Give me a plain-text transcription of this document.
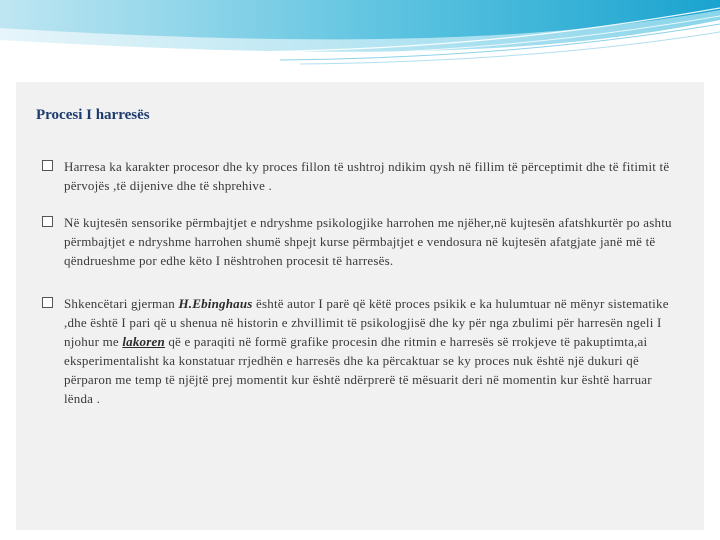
Procesi I harresës
Harresa ka karakter procesor dhe ky proces fillon të ushtroj ndikim qysh në fillim të përceptimit dhe të fitimit të përvojës ,të dijenive dhe të shprehive .
Në kujtesën sensorike përmbajtjet e ndryshme psikologjike harrohen me njëher,në kujtesën afatshkurtër po ashtu përmbajtjet e ndryshme harrohen shumë shpejt kurse përmbajtjet e vendosura në kujtesën afatgjate janë më të qëndrueshme por edhe këto I nështrohen procesit të harresës.
Shkencëtari gjerman H.Ebinghaus është autor I parë që këtë proces psikik e ka hulumtuar në mënyr sistematike ,dhe është I pari që u shenua në historin e zhvillimit të psikologjisë dhe ky për nga zbulimi për harresën ngeli I njohur me lakoren që e paraqiti në formë grafike procesin dhe ritmin e harresës së rrokjeve të pakuptimta,ai eksperimentalisht ka konstatuar rrjedhën e harresës dhe ka përcaktuar se ky proces nuk është një dukuri që përparon me temp të njëjtë prej momentit kur është ndërprerë të mësuarit deri në momentin kur është harruar lënda .
